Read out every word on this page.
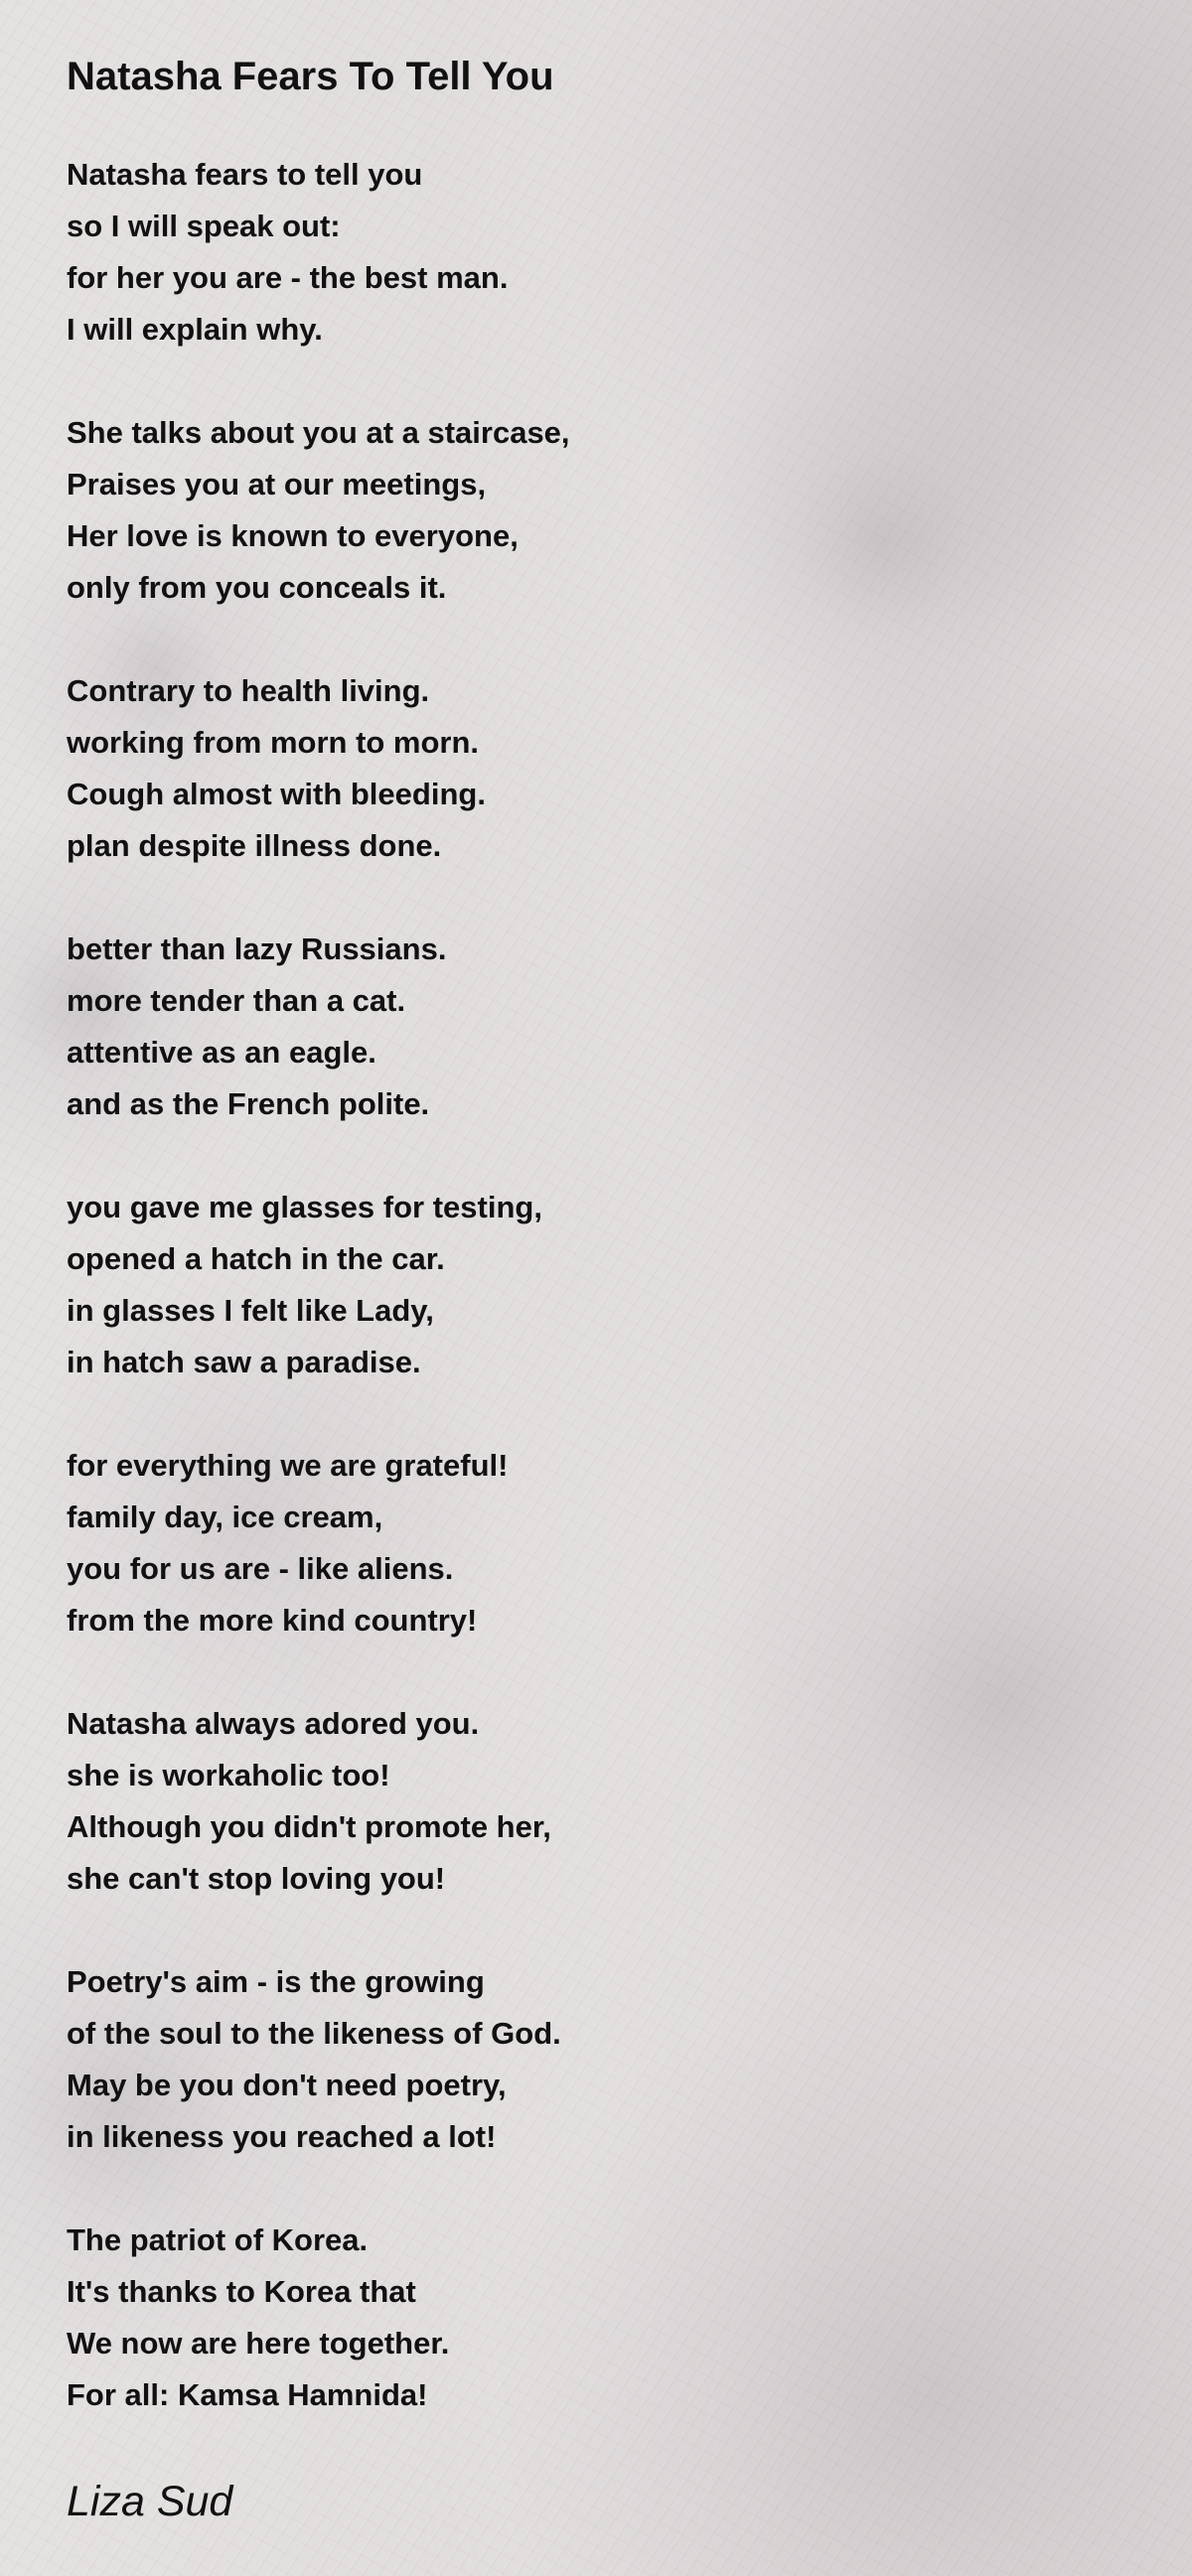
Natasha Fears To Tell You
Natasha fears to tell you
so I will speak out:
for her you are - the best man.
I will explain why.
She talks about you at a staircase,
Praises you at our meetings,
Her love is known to everyone,
only from you conceals it.
Contrary to health living.
working from morn to morn.
Cough almost with bleeding.
plan despite illness done.
better than lazy Russians.
more tender than a cat.
attentive as an eagle.
and as the French polite.
you gave me glasses for testing,
opened a hatch in the car.
in glasses I felt like Lady,
in hatch saw a paradise.
for everything we are grateful!
family day, ice cream,
you for us are - like aliens.
from the more kind country!
Natasha always adored you.
she is workaholic too!
Although you didn't promote her,
she can't stop loving you!
Poetry's aim - is the growing
of the soul to the likeness of God.
May be you don't need poetry,
in likeness you reached a lot!
The patriot of Korea.
It's thanks to Korea that
We now are here together.
For all: Kamsa Hamnida!
Liza Sud
